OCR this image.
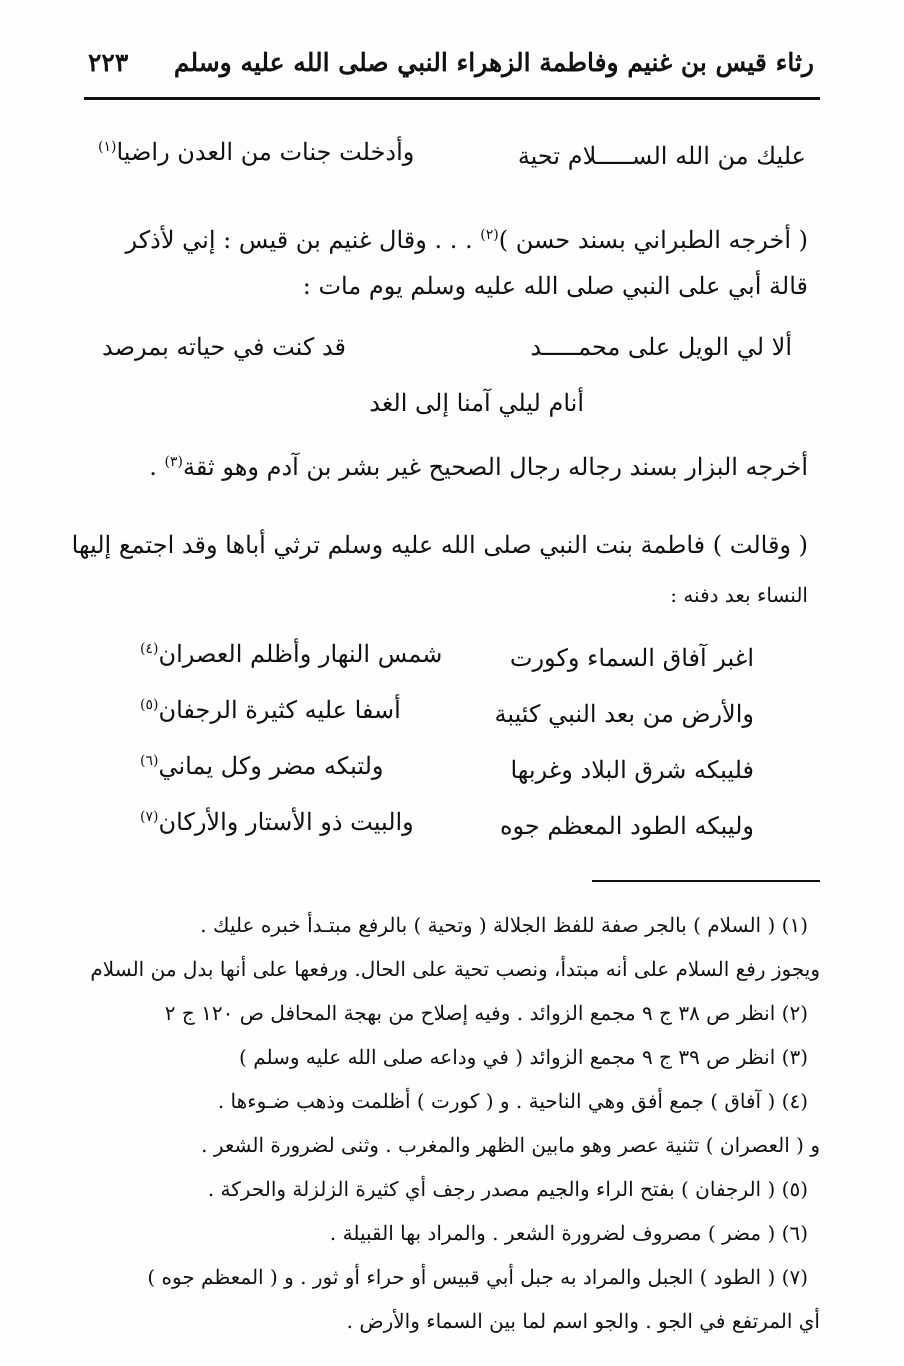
رثاء قيس بن غنيم وفاطمة الزهراء النبي صلى الله عليه وسلم
٢٢٣
عليك من الله الســـــلام تحية
وأدخلت جنات من العدن راضيا$^{(١)}$
( أخرجه الطبراني بسند حسن )$^{(٢)}$ . . . وقال غنيم بن قيس : إني لأذكر
قالة أبي على النبي صلى الله عليه وسلم يوم مات :
ألا لي الويل على محمـــــد
قد كنت في حياته بمرصد
أنام ليلي آمنا إلى الغد
أخرجه البزار بسند رجاله رجال الصحيح غير بشر بن آدم وهو ثقة$^{(٣)}$ .
( وقالت ) فاطمة بنت النبي صلى الله عليه وسلم ترثي أباها وقد اجتمع إليها
النساء بعد دفنه :
اغبر آفاق السماء وكورت
شمس النهار وأظلم العصران$^{(٤)}$
والأرض من بعد النبي كئيبة
أسفا عليه كثيرة الرجفان$^{(٥)}$
فليبكه شرق البلاد وغربها
ولتبكه مضر وكل يماني$^{(٦)}$
وليبكه الطود المعظم جوه
والبيت ذو الأستار والأركان$^{(٧)}$
(١) ( السلام ) بالجر صفة للفظ الجلالة ( وتحية ) بالرفع مبتـدأ خبره عليك .
ويجوز رفع السلام على أنه مبتدأ، ونصب تحية على الحال. ورفعها على أنها بدل من السلام
(٢) انظر ص ٣٨ ج ٩ مجمع الزوائد . وفيه إصلاح من بهجة المحافل ص ١٢٠ ج ٢
(٣) انظر ص ٣٩ ج ٩ مجمع الزوائد ( في وداعه صلى الله عليه وسلم )
(٤) ( آفاق ) جمع أفق وهي الناحية . و ( كورت ) أظلمت وذهب ضـوءها .
و ( العصران ) تثنية عصر وهو مابين الظهر والمغرب . وثنى لضرورة الشعر .
(٥) ( الرجفان ) بفتح الراء والجيم مصدر رجف أي كثيرة الزلزلة والحركة .
(٦) ( مضر ) مصروف لضرورة الشعر . والمراد بها القبيلة .
(٧) ( الطود ) الجبل والمراد به جبل أبي قبيس أو حراء أو ثور . و ( المعظم جوه )
أي المرتفع في الجو . والجو اسم لما بين السماء والأرض .
